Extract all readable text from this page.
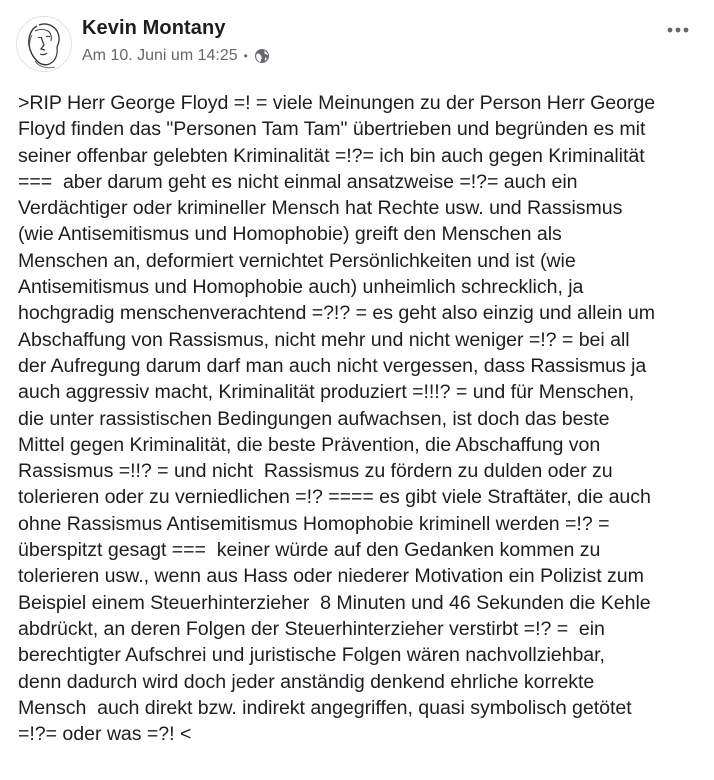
Kevin Montany
Am 10. Juni um 14:25 •

>RIP Herr George Floyd =! = viele Meinungen zu der Person Herr George
Floyd finden das "Personen Tam Tam" übertrieben und begründen es mit
seiner offenbar gelebten Kriminalität =!?= ich bin auch gegen Kriminalität
===  aber darum geht es nicht einmal ansatzweise =!?= auch ein
Verdächtiger oder krimineller Mensch hat Rechte usw. und Rassismus
(wie Antisemitismus und Homophobie) greift den Menschen als
Menschen an, deformiert vernichtet Persönlichkeiten und ist (wie
Antisemitismus und Homophobie auch) unheimlich schrecklich, ja
hochgradig menschenverachtend =?!? = es geht also einzig und allein um
Abschaffung von Rassismus, nicht mehr und nicht weniger =!? = bei all
der Aufregung darum darf man auch nicht vergessen, dass Rassismus ja
auch aggressiv macht, Kriminalität produziert =!!!? = und für Menschen,
die unter rassistischen Bedingungen aufwachsen, ist doch das beste
Mittel gegen Kriminalität, die beste Prävention, die Abschaffung von
Rassismus =!!? = und nicht  Rassismus zu fördern zu dulden oder zu
tolerieren oder zu verniedlichen =!? ==== es gibt viele Straftäter, die auch
ohne Rassismus Antisemitismus Homophobie kriminell werden =!? =
überspitzt gesagt ===  keiner würde auf den Gedanken kommen zu
tolerieren usw., wenn aus Hass oder niederer Motivation ein Polizist zum
Beispiel einem Steuerhinterzieher  8 Minuten und 46 Sekunden die Kehle
abdrückt, an deren Folgen der Steuerhinterzieher verstirbt =!? =  ein
berechtigter Aufschrei und juristische Folgen wären nachvollziehbar,
denn dadurch wird doch jeder anständig denkend ehrliche korrekte
Mensch  auch direkt bzw. indirekt angegriffen, quasi symbolisch getötet
=!?= oder was =?! <
